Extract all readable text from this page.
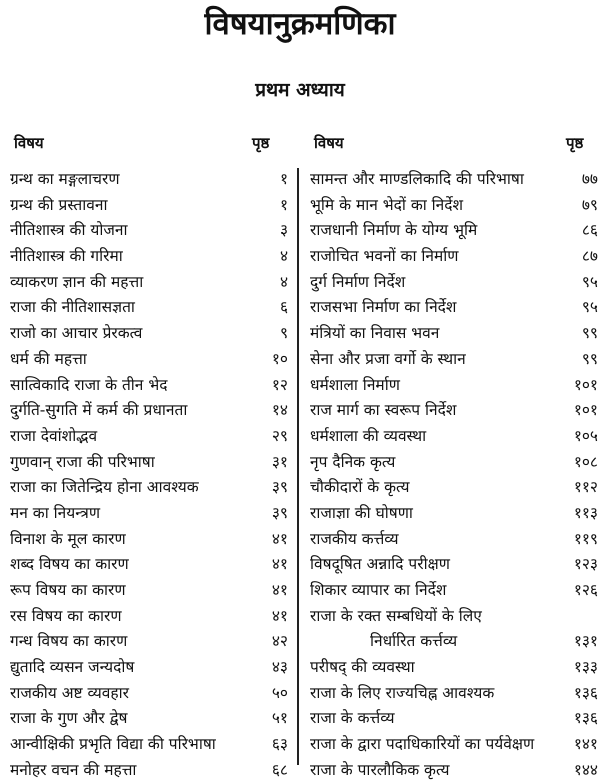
विषयानुक्रमणिका
प्रथम अध्याय
विषय	पृष्ठ	विषय	पृष्ठ
ग्रन्थ का मङ्गलाचरण	१
ग्रन्थ की प्रस्तावना	१
नीतिशास्त्र की योजना	३
नीतिशास्त्र की गरिमा	४
व्याकरण ज्ञान की महत्ता	४
राजा की नीतिशासज्ञता	६
राजो का आचार प्रेरकत्व	९
धर्म की महत्ता	१०
सात्विकादि राजा के तीन भेद	१२
दुर्गति-सुगति में कर्म की प्रधानता	१४
राजा देवांशोद्भव	२९
गुणवान् राजा की परिभाषा	३१
राजा का जितेन्द्रिय होना आवश्यक	३९
मन का नियन्त्रण	३९
विनाश के मूल कारण	४१
शब्द विषय का कारण	४१
रूप विषय का कारण	४१
रस विषय का कारण	४१
गन्ध विषय का कारण	४२
द्युतादि व्यसन जन्यदोष	४३
राजकीय अष्ट व्यवहार	५०
राजा के गुण और द्वेष	५१
आन्वीक्षिकी प्रभृति विद्या की परिभाषा	६३
मनोहर वचन की महत्ता	६८
सामन्त और माण्डलिकादि की परिभाषा	७७
भूमि के मान भेदों का निर्देश	७९
राजधानी निर्माण के योग्य भूमि	८६
राजोचित भवनों का निर्माण	८७
दुर्ग निर्माण निर्देश	९५
राजसभा निर्माण का निर्देश	९५
मंत्रियों का निवास भवन	९९
सेना और प्रजा वर्गो के स्थान	९९
धर्मशाला निर्माण	१०१
राज मार्ग का स्वरूप निर्देश	१०१
धर्मशाला की व्यवस्था	१०५
नृप दैनिक कृत्य	१०८
चौकीदारों के कृत्य	११२
राजाज्ञा की घोषणा	११३
राजकीय कर्त्तव्य	११९
विषदूषित अन्नादि परीक्षण	१२३
शिकार व्यापार का निर्देश	१२६
राजा के रक्त सम्बधियों के लिए
निर्धारित कर्त्तव्य	१३१
परीषद् की व्यवस्था	१३३
राजा के लिए राज्यचिह्न आवश्यक	१३६
राजा के कर्त्तव्य	१३६
राजा के द्वारा पदाधिकारियों का पर्यवेक्षण	१४१
राजा के पारलौकिक कृत्य	१४४
